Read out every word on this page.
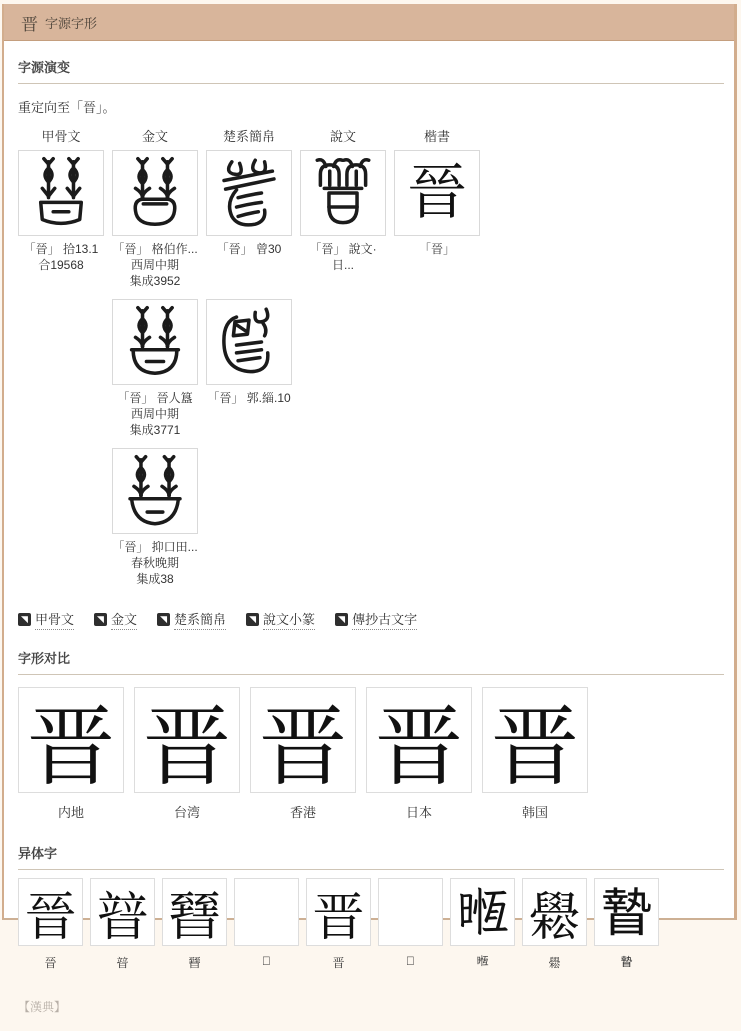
晋 字源字形
字源演变
重定向至「晉」。
甲骨文	金文	楚系簡帛	說文	楷書
「晉」 拾13.1
合19568
「晉」 格伯作...
西周中期
集成3952
「晉」 曾30	「晉」 說文·日...
晉
「晉」
「晉」 晉人簋
西周中期
集成3771
「晉」 郭.緇.10
「晉」 抑口田...
春秋晚期
集成38
◥ 甲骨文	◥ 金文	◥ 楚系簡帛	◥ 說文小篆	◥ 傳抄古文字
字形对比
晋
内地
晋
台湾
晋
香港
晋
日本
晋
韩国
异体字
晉
晉
暜
暜
㬜
㬜
𣈆
𣈆
晋
晋
𣈗
𣈗
𣈶
𣈶
𦦵
𦦵
𥊍
𥊍
【漢典】
